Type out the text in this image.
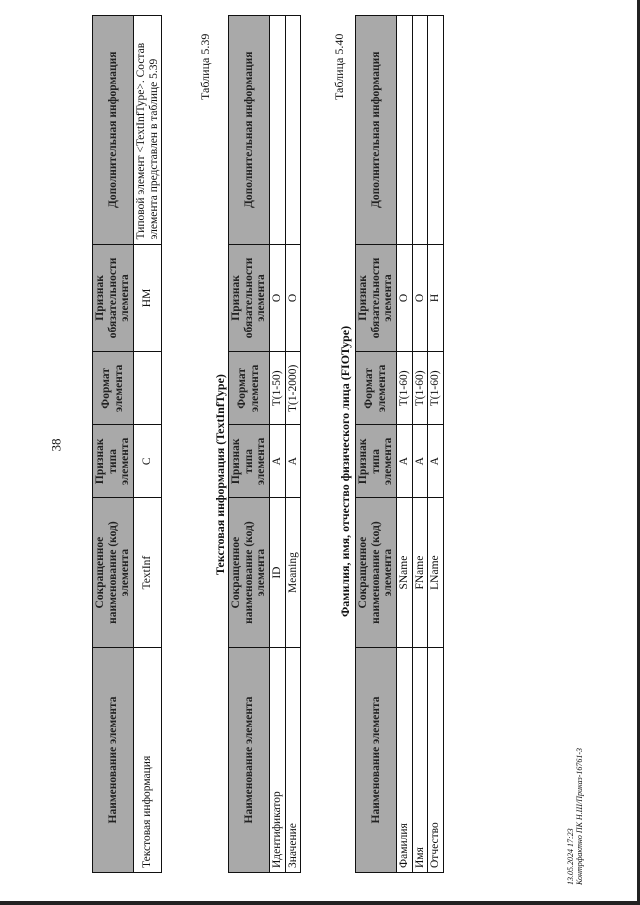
38
Наименование элемента	Сокращенное наименование (код) элемента	Признак типа элемента	Формат элемента	Признак обязательности элемента	Дополнительная информация
Текстовая информация	TextInf	С		НМ	Типовой элемент <TextInfType>. Состав элемента представлен в таблице 5.39	Таблица 5.39
Текстовая информация (TextInfType)
Наименование элемента	Сокращенное наименование (код) элемента	Признак типа элемента	Формат элемента	Признак обязательности элемента	Дополнительная информация
Идентификатор	ID	А	T(1-50)	О	
Значение	Meaning	А	T(1-2000)	О	
Таблица 5.40
Фамилия, имя, отчество физического лица (FIOType)
Наименование элемента	Сокращенное наименование (код) элемента	Признак типа элемента	Формат элемента	Признак обязательности элемента	Дополнительная информация
Фамилия	SName	А	T(1-60)	О	
Имя	FName	А	T(1-60)	О	
Отчество	LName	А	T(1-60)	Н	
13.05.2024 17:23 Контрфактно ПК Н.Ш/Приказ-16761-3
